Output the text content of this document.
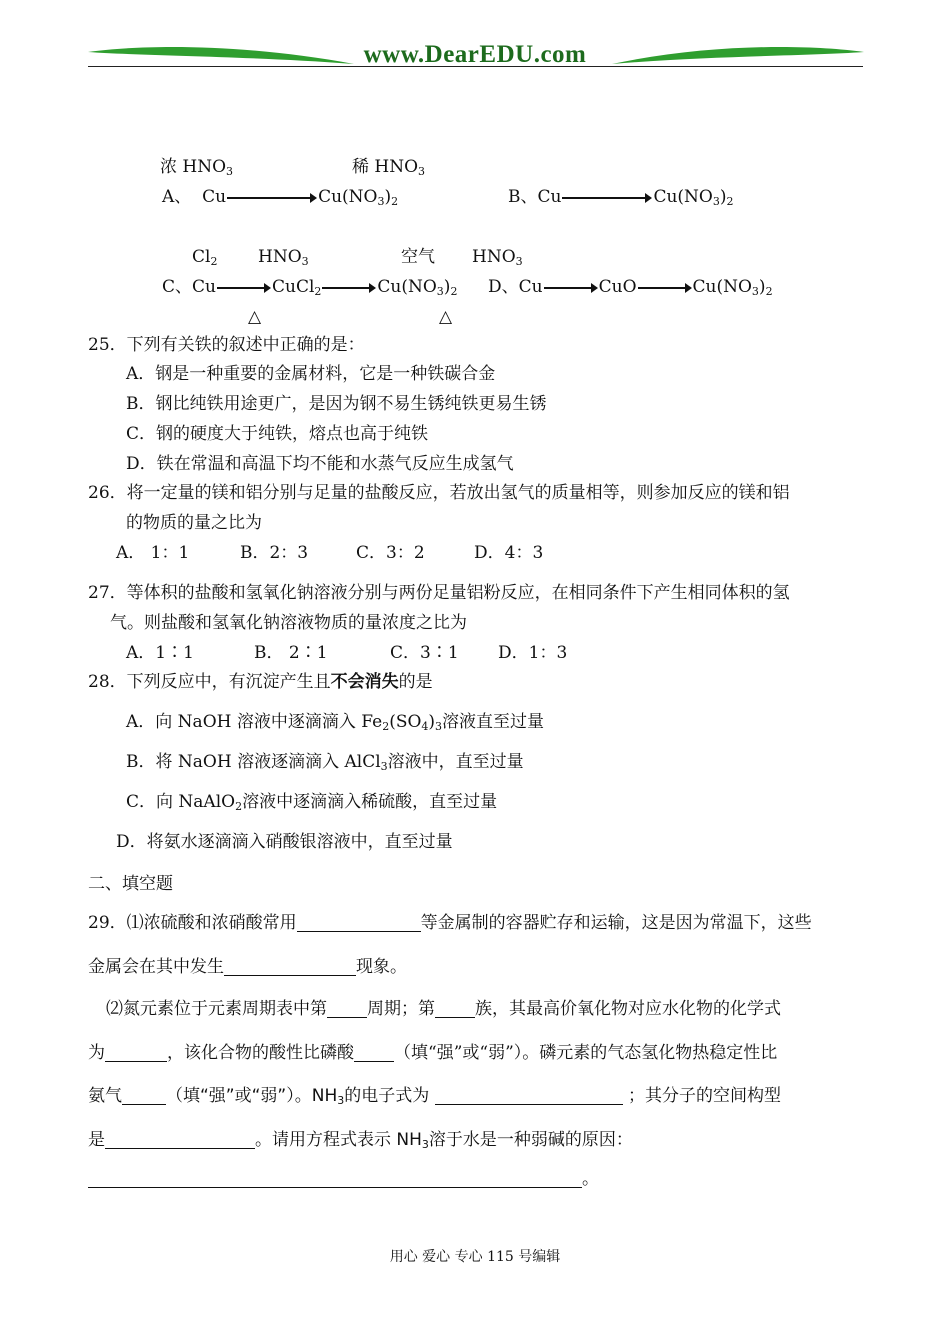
www.DearEDU.com
浓 $HNO_3$	稀 $HNO_3$
A、 Cu	$Cu(NO_3)_2$	B、Cu	$Cu(NO_3)_2$
$Cl_2$ $HNO_3$	空气 $HNO_3$
C、Cu	CuCl$_2$	$Cu(NO_3)_2$ D、Cu	CuO	$Cu(NO_3)_2$
△	△
25．下列有关铁的叙述中正确的是：
A．钢是一种重要的金属材料，它是一种铁碳合金
B．钢比纯铁用途更广，是因为钢不易生锈纯铁更易生锈
C．钢的硬度大于纯铁，熔点也高于纯铁
D．铁在常温和高温下均不能和水蒸气反应生成氢气
26．将一定量的镁和铝分别与足量的盐酸反应，若放出氢气的质量相等，则参加反应的镁和铝
的物质的量之比为
A． 1：1	B．2：3	C．3：2	D．4：3
27．等体积的盐酸和氢氧化钠溶液分别与两份足量铝粉反应，在相同条件下产生相同体积的氢
气。则盐酸和氢氧化钠溶液物质的量浓度之比为
A．1∶1	B． 2∶1	C．3∶1 D．1：3
28．下列反应中，有沉淀产生且不会消失的是
A．向 NaOH 溶液中逐滴滴入 $Fe_2(SO_4)_3$溶液直至过量
B．将 NaOH 溶液逐滴滴入 AlCl$_3$溶液中，直至过量
C．向 NaAlO$_2$溶液中逐滴滴入稀硫酸，直至过量
D．将氨水逐滴滴入硝酸银溶液中，直至过量
二、填空题
29．⑴浓硫酸和浓硝酸常用	等金属制的容器贮存和运输，这是因为常温下，这些
金属会在其中发生	现象。
⑵氮元素位于元素周期表中第 周期；第 族，其最高价氧化物对应水化物的化学式
为	，该化合物的酸性比磷酸 （填“强”或“弱”）。磷元素的气态氢化物热稳定性比
氨气	（填“强”或“弱”）。$NH_3$的电子式为	；其分子的空间构型
是	。请用方程式表示 $NH_3$溶于水是一种弱碱的原因：
。
用心 爱心 专心 115 号编辑
